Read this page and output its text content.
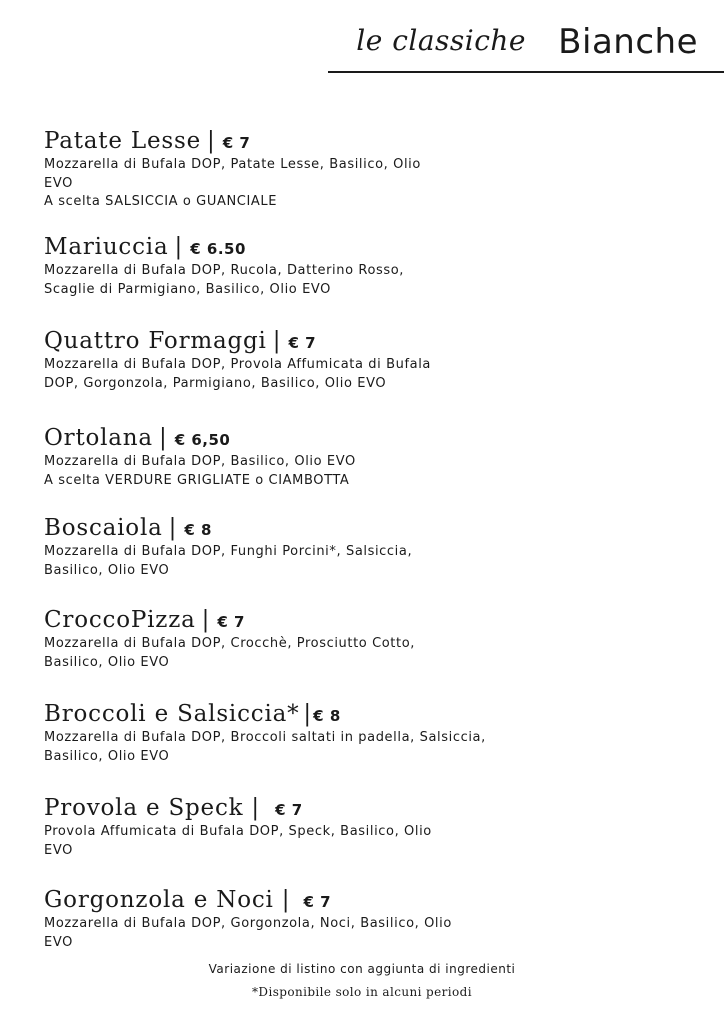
le classiche Bianche
Patate Lesse | € 7
Mozzarella di Bufala DOP, Patate Lesse, Basilico, Olio
EVO
A scelta SALSICCIA o GUANCIALE
Mariuccia | € 6.50
Mozzarella di Bufala DOP, Rucola, Datterino Rosso,
Scaglie di Parmigiano, Basilico, Olio EVO
Quattro Formaggi | € 7
Mozzarella di Bufala DOP, Provola Affumicata di Bufala
DOP, Gorgonzola, Parmigiano, Basilico, Olio EVO
Ortolana | € 6,50
Mozzarella di Bufala DOP, Basilico, Olio EVO
A scelta VERDURE GRIGLIATE o CIAMBOTTA
Boscaiola | € 8
Mozzarella di Bufala DOP, Funghi Porcini*, Salsiccia,
Basilico, Olio EVO
CroccoPizza | € 7
Mozzarella di Bufala DOP, Crocchè, Prosciutto Cotto,
Basilico, Olio EVO
Broccoli e Salsiccia* | € 8
Mozzarella di Bufala DOP, Broccoli saltati in padella, Salsiccia,
Basilico, Olio EVO
Provola e Speck | € 7
Provola Affumicata di Bufala DOP, Speck, Basilico, Olio
EVO
Gorgonzola e Noci | € 7
Mozzarella di Bufala DOP, Gorgonzola, Noci, Basilico, Olio
EVO
Variazione di listino con aggiunta di ingredienti
*Disponibile solo in alcuni periodi
